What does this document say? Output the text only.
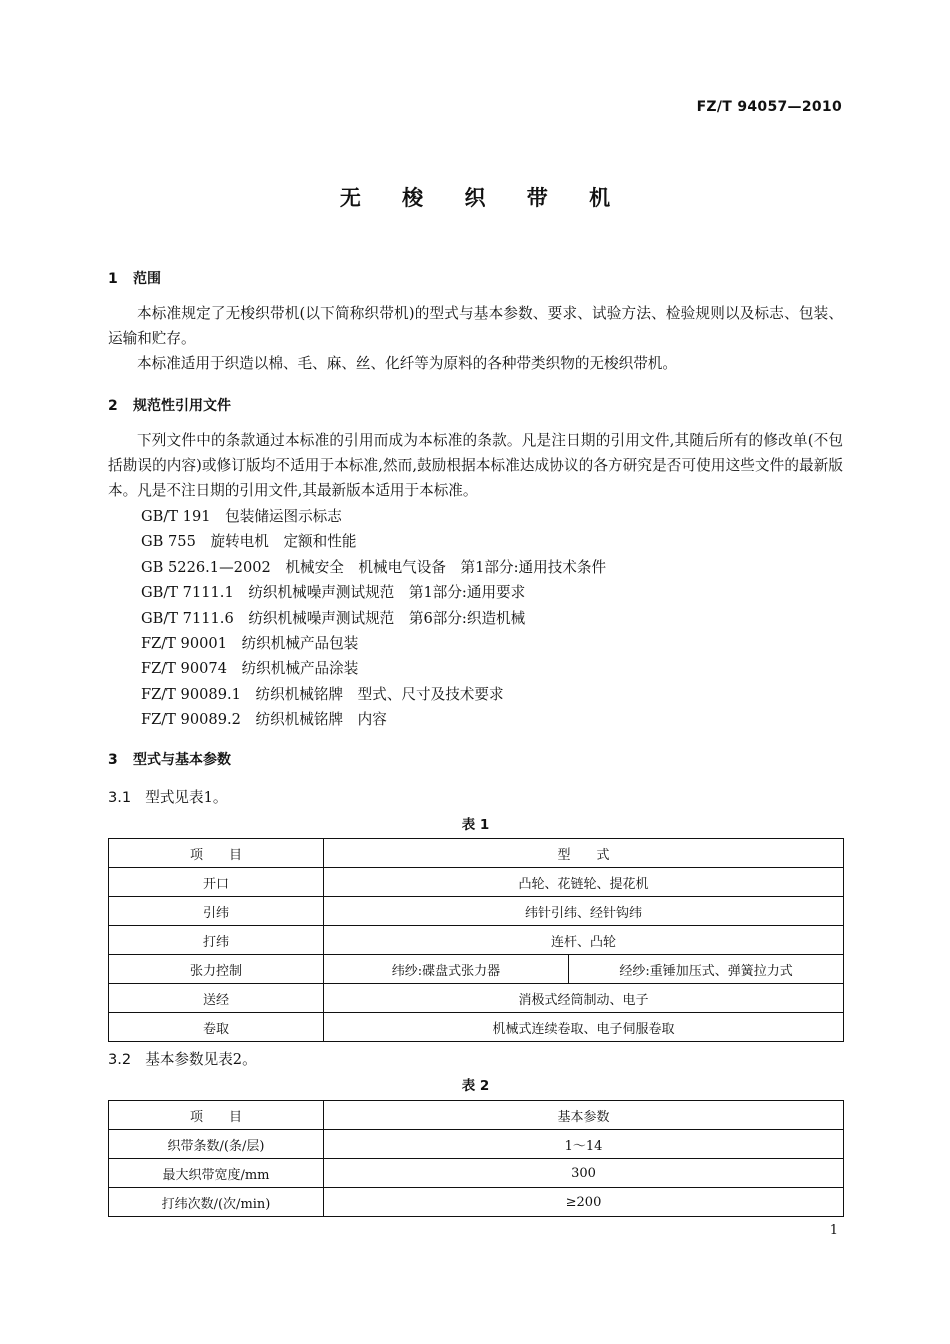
FZ/T 94057—2010
无 梭 织 带 机
1 范围

本标准规定了无梭织带机(以下简称织带机)的型式与基本参数、要求、试验方法、检验规则以及标志、包装、运输和贮存。

本标准适用于织造以棉、毛、麻、丝、化纤等为原料的各种带类织物的无梭织带机。

2 规范性引用文件

下列文件中的条款通过本标准的引用而成为本标准的条款。凡是注日期的引用文件,其随后所有的修改单(不包括勘误的内容)或修订版均不适用于本标准,然而,鼓励根据本标准达成协议的各方研究是否可使用这些文件的最新版本。凡是不注日期的引用文件,其最新版本适用于本标准。

GB/T 191　包装储运图示标志
GB 755　旋转电机　定额和性能
GB 5226.1—2002　机械安全　机械电气设备　第1部分:通用技术条件
GB/T 7111.1　纺织机械噪声测试规范　第1部分:通用要求
GB/T 7111.6　纺织机械噪声测试规范　第6部分:织造机械
FZ/T 90001　纺织机械产品包装
FZ/T 90074　纺织机械产品涂装
FZ/T 90089.1　纺织机械铭牌　型式、尺寸及技术要求
FZ/T 90089.2　纺织机械铭牌　内容
3 型式与基本参数
3.1 型式见表1。
表 1
项　　目	型　　式	
开口	凸轮、花链轮、提花机	
引纬	纬针引纬、经针钩纬	
打纬	连杆、凸轮	
张力控制	纬纱:碟盘式张力器	经纱:重锤加压式、弹簧拉力式
送经	消极式经筒制动、电子	
卷取	机械式连续卷取、电子伺服卷取	
3.2 基本参数见表2。
表 2
项　　目	基本参数
织带条数/(条/层)	1～14
最大织带宽度/mm	300
打纬次数/(次/min)	≥200
1
